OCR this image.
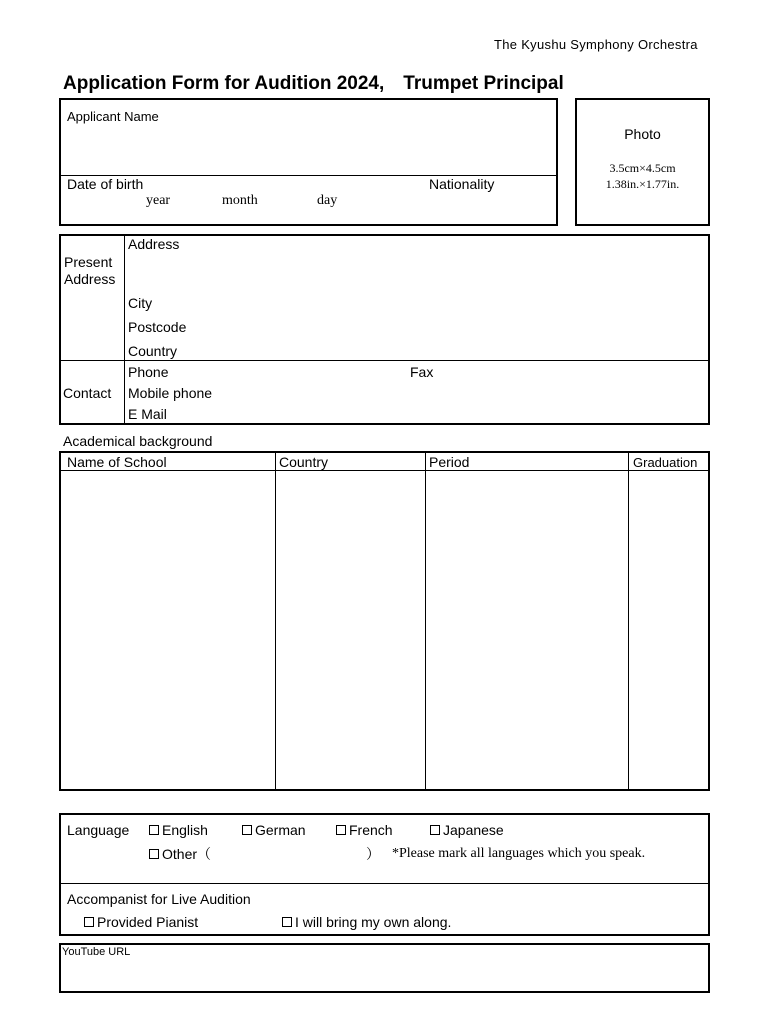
The Kyushu Symphony Orchestra
Application Form for Audition 2024,　Trumpet Principal
Applicant Name
Date of birth
year	month	day
Nationality
Photo
3.5cm×4.5cm
1.38in.×1.77in.
Present
Address
Address
City
Postcode
Country
Contact
Phone	Fax
Mobile phone
E Mail
Academical background
Name of School	Country	Period	Graduation
Language	English	German	French	Japanese
Other（	） *Please mark all languages which you speak.
Accompanist for Live Audition
Provided Pianist	I will bring my own along.
YouTube URL
